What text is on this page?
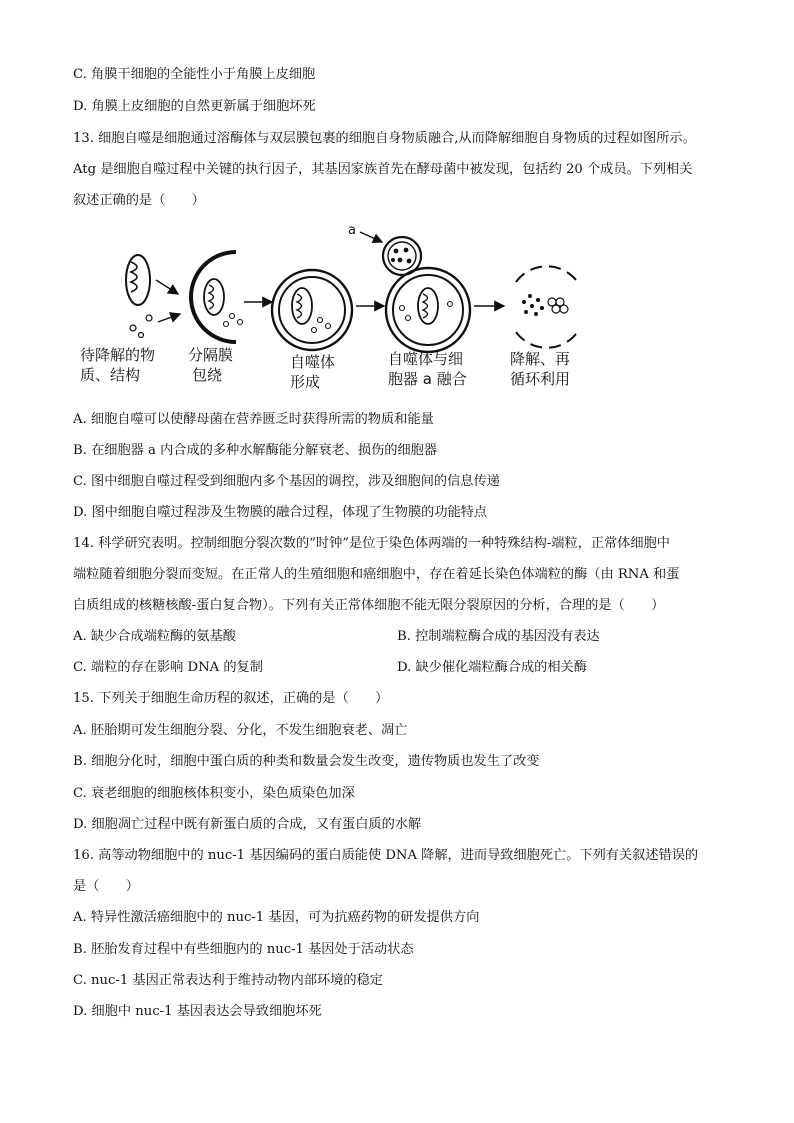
C. 角膜干细胞的全能性小于角膜上皮细胞
D. 角膜上皮细胞的自然更新属于细胞坏死
13. 细胞自噬是细胞通过溶酶体与双层膜包裹的细胞自身物质融合,从而降解细胞自身物质的过程如图所示。
Atg 是细胞自噬过程中关键的执行因子，其基因家族首先在酵母菌中被发现，包括约 20 个成员。下列相关
叙述正确的是（　　）
a
待降解的物
质、结构
分隔膜
包绕
自噬体
形成
自噬体与细
胞器 a 融合
降解、再
循环利用
A. 细胞自噬可以使酵母菌在营养匮乏时获得所需的物质和能量
B. 在细胞器 a 内合成的多种水解酶能分解衰老、损伤的细胞器
C. 图中细胞自噬过程受到细胞内多个基因的调控，涉及细胞间的信息传递
D. 图中细胞自噬过程涉及生物膜的融合过程，体现了生物膜的功能特点
14. 科学研究表明。控制细胞分裂次数的“时钟”是位于染色体两端的一种特殊结构-端粒，正常体细胞中
端粒随着细胞分裂而变短。在正常人的生殖细胞和癌细胞中，存在着延长染色体端粒的酶（由 RNA 和蛋
白质组成的核糖核酸-蛋白复合物）。下列有关正常体细胞不能无限分裂原因的分析，合理的是（　　）
A. 缺少合成端粒酶的氨基酸	B. 控制端粒酶合成的基因没有表达
C. 端粒的存在影响 DNA 的复制	D. 缺少催化端粒酶合成的相关酶
15. 下列关于细胞生命历程的叙述，正确的是（　　）
A. 胚胎期可发生细胞分裂、分化，不发生细胞衰老、凋亡
B. 细胞分化时，细胞中蛋白质的种类和数量会发生改变，遗传物质也发生了改变
C. 衰老细胞的细胞核体积变小，染色质染色加深
D. 细胞凋亡过程中既有新蛋白质的合成，又有蛋白质的水解
16. 高等动物细胞中的 nuc-1 基因编码的蛋白质能使 DNA 降解，进而导致细胞死亡。下列有关叙述错误的
是（　　）
A. 特异性激活癌细胞中的 nuc-1 基因，可为抗癌药物的研发提供方向
B. 胚胎发育过程中有些细胞内的 nuc-1 基因处于活动状态
C. nuc-1 基因正常表达利于维持动物内部环境的稳定
D. 细胞中 nuc-1 基因表达会导致细胞坏死
